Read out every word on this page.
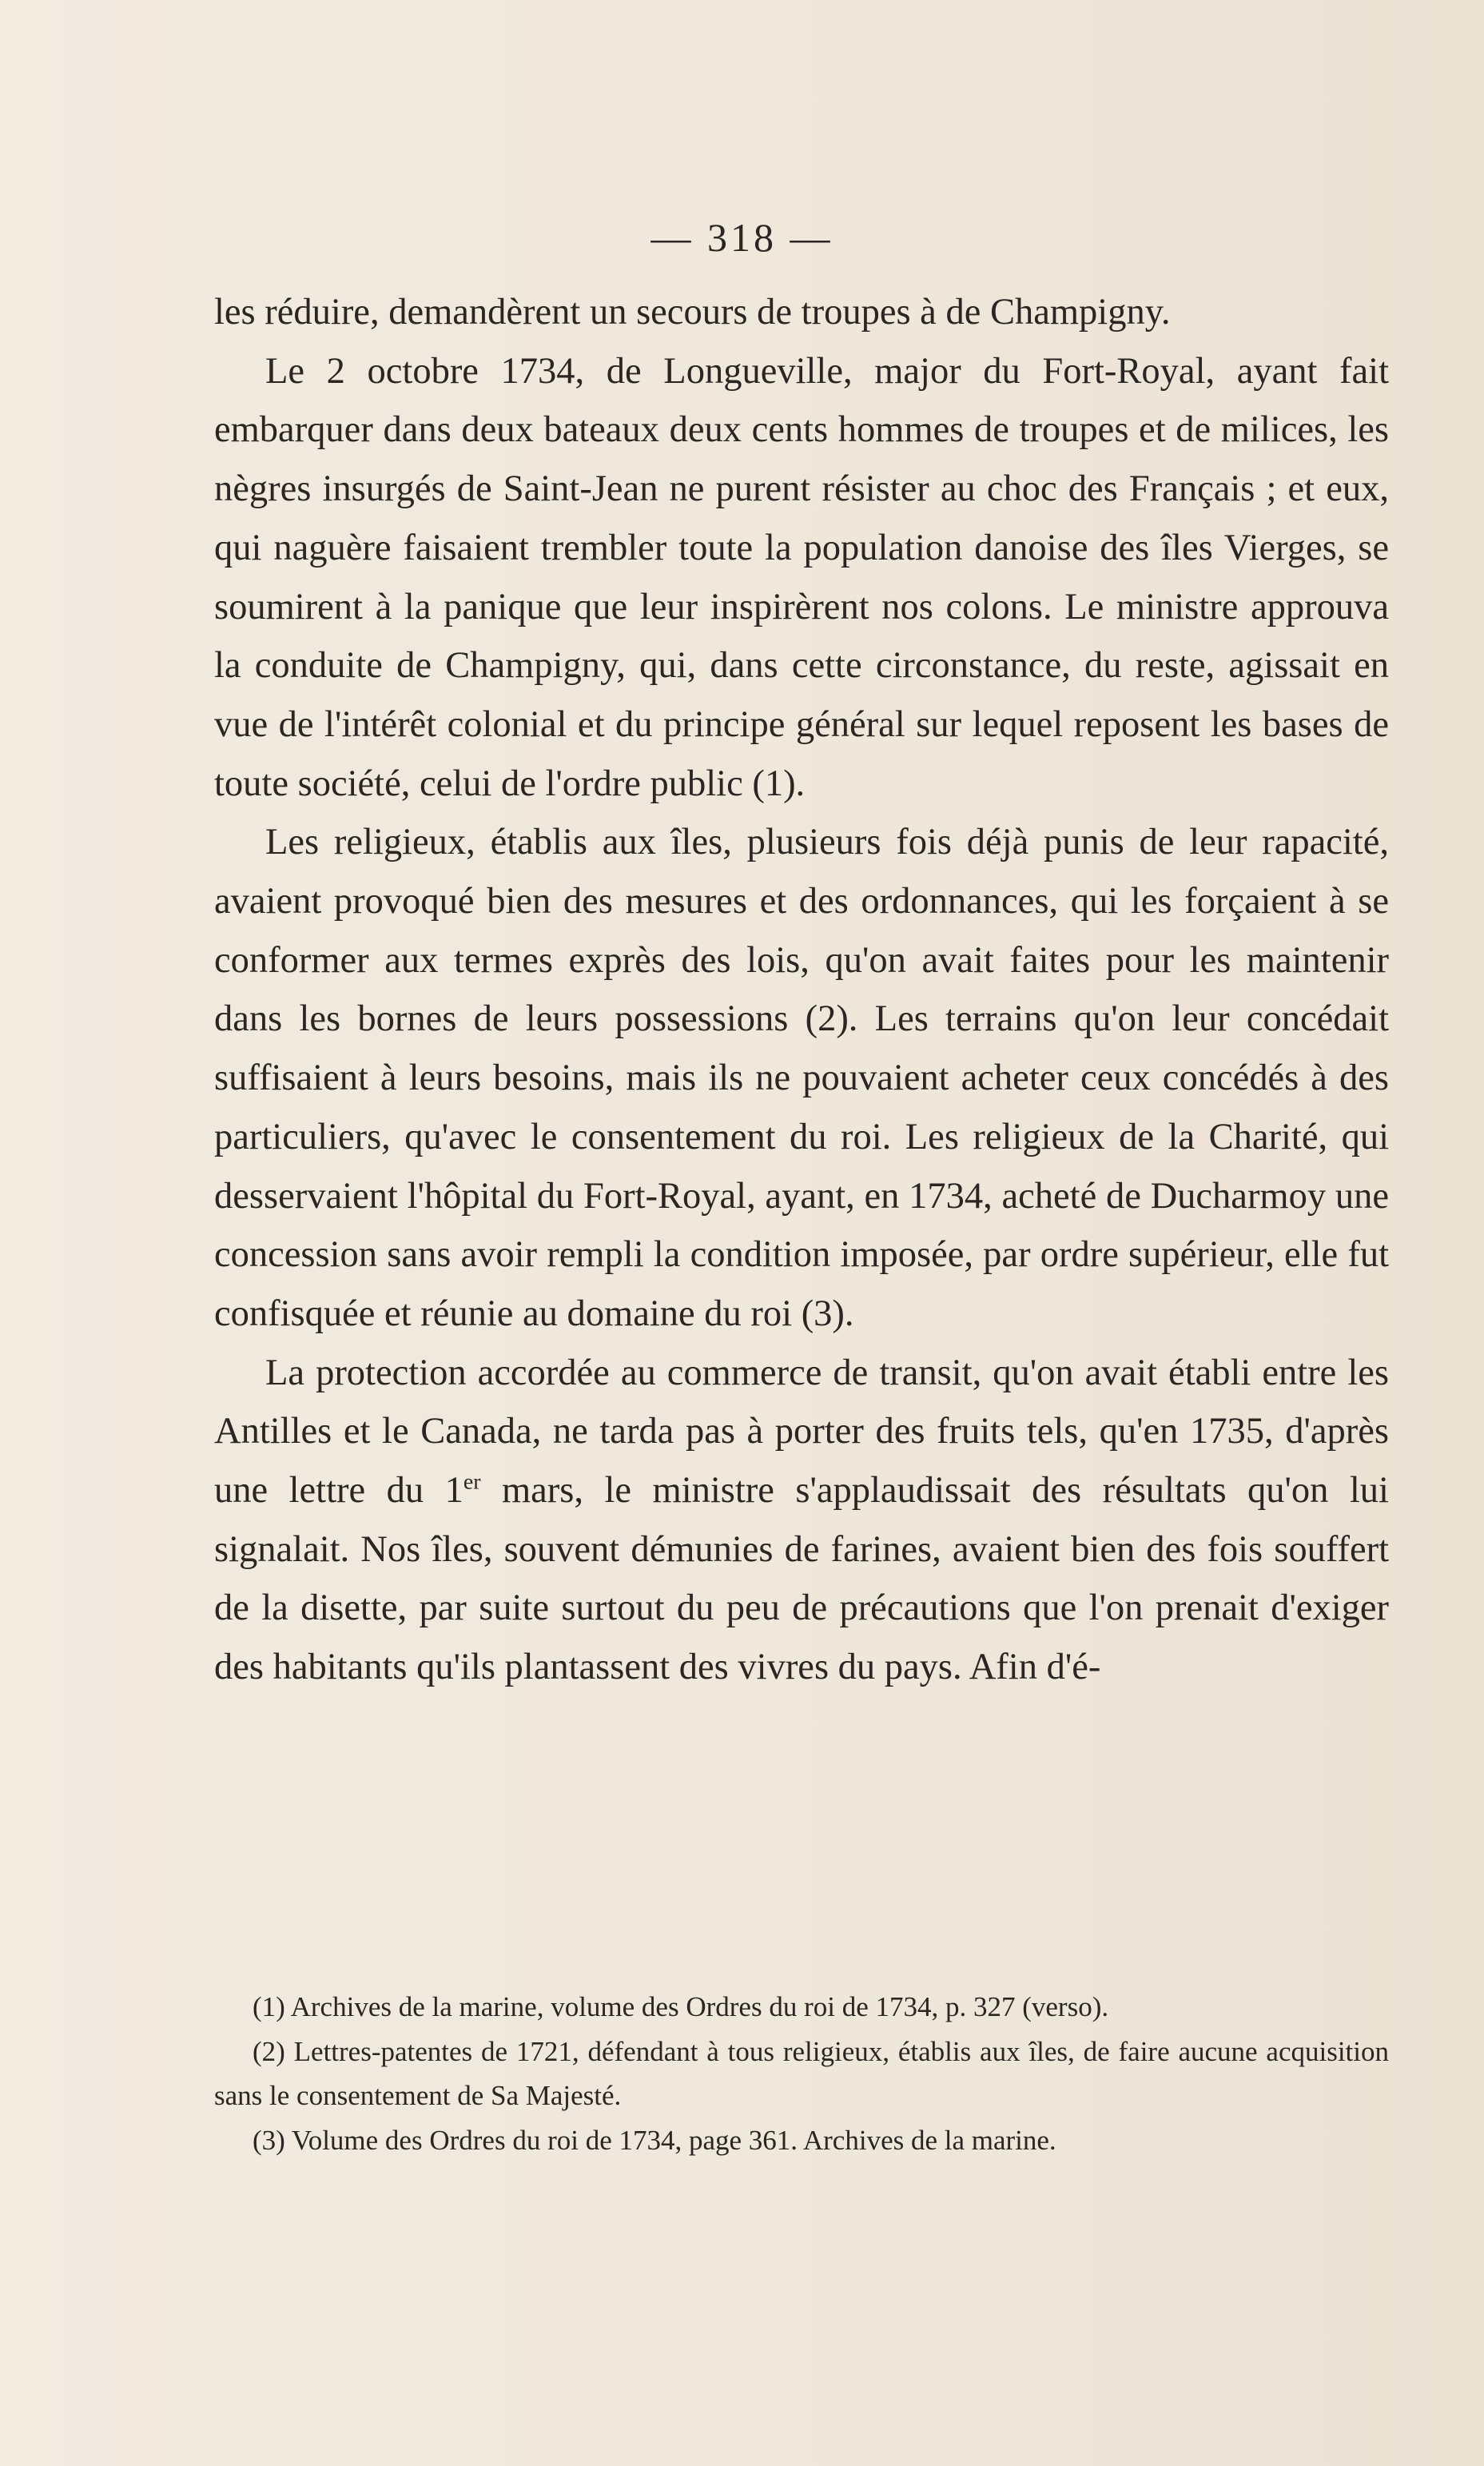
— 318 —

les réduire, demandèrent un secours de troupes à de Champigny.

Le 2 octobre 1734, de Longueville, major du Fort-Royal, ayant fait embarquer dans deux bateaux deux cents hommes de troupes et de milices, les nègres insurgés de Saint-Jean ne purent résister au choc des Français ; et eux, qui naguère faisaient trembler toute la population danoise des îles Vierges, se soumirent à la panique que leur inspirèrent nos colons. Le ministre approuva la conduite de Champigny, qui, dans cette circonstance, du reste, agissait en vue de l'intérêt colonial et du principe général sur lequel reposent les bases de toute société, celui de l'ordre public (1).

Les religieux, établis aux îles, plusieurs fois déjà punis de leur rapacité, avaient provoqué bien des mesures et des ordonnances, qui les forçaient à se conformer aux termes exprès des lois, qu'on avait faites pour les maintenir dans les bornes de leurs possessions (2). Les terrains qu'on leur concédait suffisaient à leurs besoins, mais ils ne pouvaient acheter ceux concédés à des particuliers, qu'avec le consentement du roi. Les religieux de la Charité, qui desservaient l'hôpital du Fort-Royal, ayant, en 1734, acheté de Ducharmoy une concession sans avoir rempli la condition imposée, par ordre supérieur, elle fut confisquée et réunie au domaine du roi (3).

La protection accordée au commerce de transit, qu'on avait établi entre les Antilles et le Canada, ne tarda pas à porter des fruits tels, qu'en 1735, d'après une lettre du 1er mars, le ministre s'applaudissait des résultats qu'on lui signalait. Nos îles, souvent démunies de farines, avaient bien des fois souffert de la disette, par suite surtout du peu de précautions que l'on prenait d'exiger des habitants qu'ils plantassent des vivres du pays. Afin d'é-

(1) Archives de la marine, volume des Ordres du roi de 1734, p. 327 (verso).

(2) Lettres-patentes de 1721, défendant à tous religieux, établis aux îles, de faire aucune acquisition sans le consentement de Sa Majesté.

(3) Volume des Ordres du roi de 1734, page 361. Archives de la marine.
